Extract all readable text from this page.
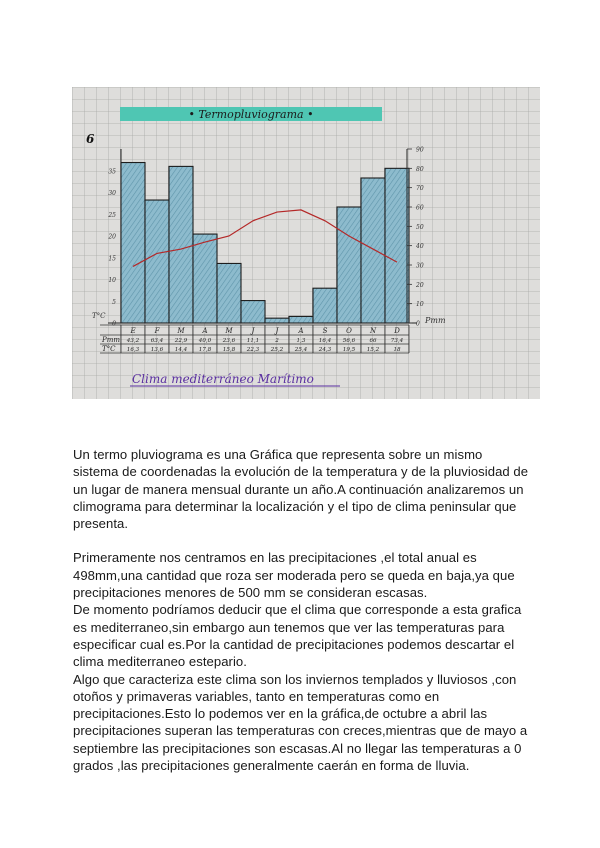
• Termopluviograma •
6
0
5
10
15
20
25
30
35
0
10
20
30
40
50
60
70
80
90
T°C	Pmm
E	F	M	A	M	J	J	A	S	O	N	D
43,2 63,4 22,9 40,0 23,6 11,1	2	1,3 16,4 56,6	66	73,4
16,3 13,6 14,4 17,8 15,8 22,3 25,2 25,4 24,3 19,5 15,2	18
Pmm
T°C
Clima mediterráneo Marítimo

Un termo pluviograma es una Gráfica que representa sobre un mismo
sistema de coordenadas la evolución de la temperatura y de la pluviosidad de
un lugar de manera mensual durante un año.A continuación analizaremos un
climograma para determinar la localización y el tipo de clima peninsular que
presenta.

Primeramente nos centramos en las precipitaciones ,el total anual es
498mm,una cantidad que roza ser moderada pero se queda en baja,ya que
precipitaciones menores de 500 mm se consideran escasas.
De momento podríamos deducir que el clima que corresponde a esta grafica
es mediterraneo,sin embargo aun tenemos que ver las temperaturas para
especificar cual es.Por la cantidad de precipitaciones podemos descartar el
clima mediterraneo estepario.
Algo que caracteriza este clima son los inviernos templados y lluviosos ,con
otoños y primaveras variables, tanto en temperaturas como en
precipitaciones.Esto lo podemos ver en la gráfica,de octubre a abril las
precipitaciones superan las temperaturas con creces,mientras que de mayo a
septiembre las precipitaciones son escasas.Al no llegar las temperaturas a 0
grados ,las precipitaciones generalmente caerán en forma de lluvia.
